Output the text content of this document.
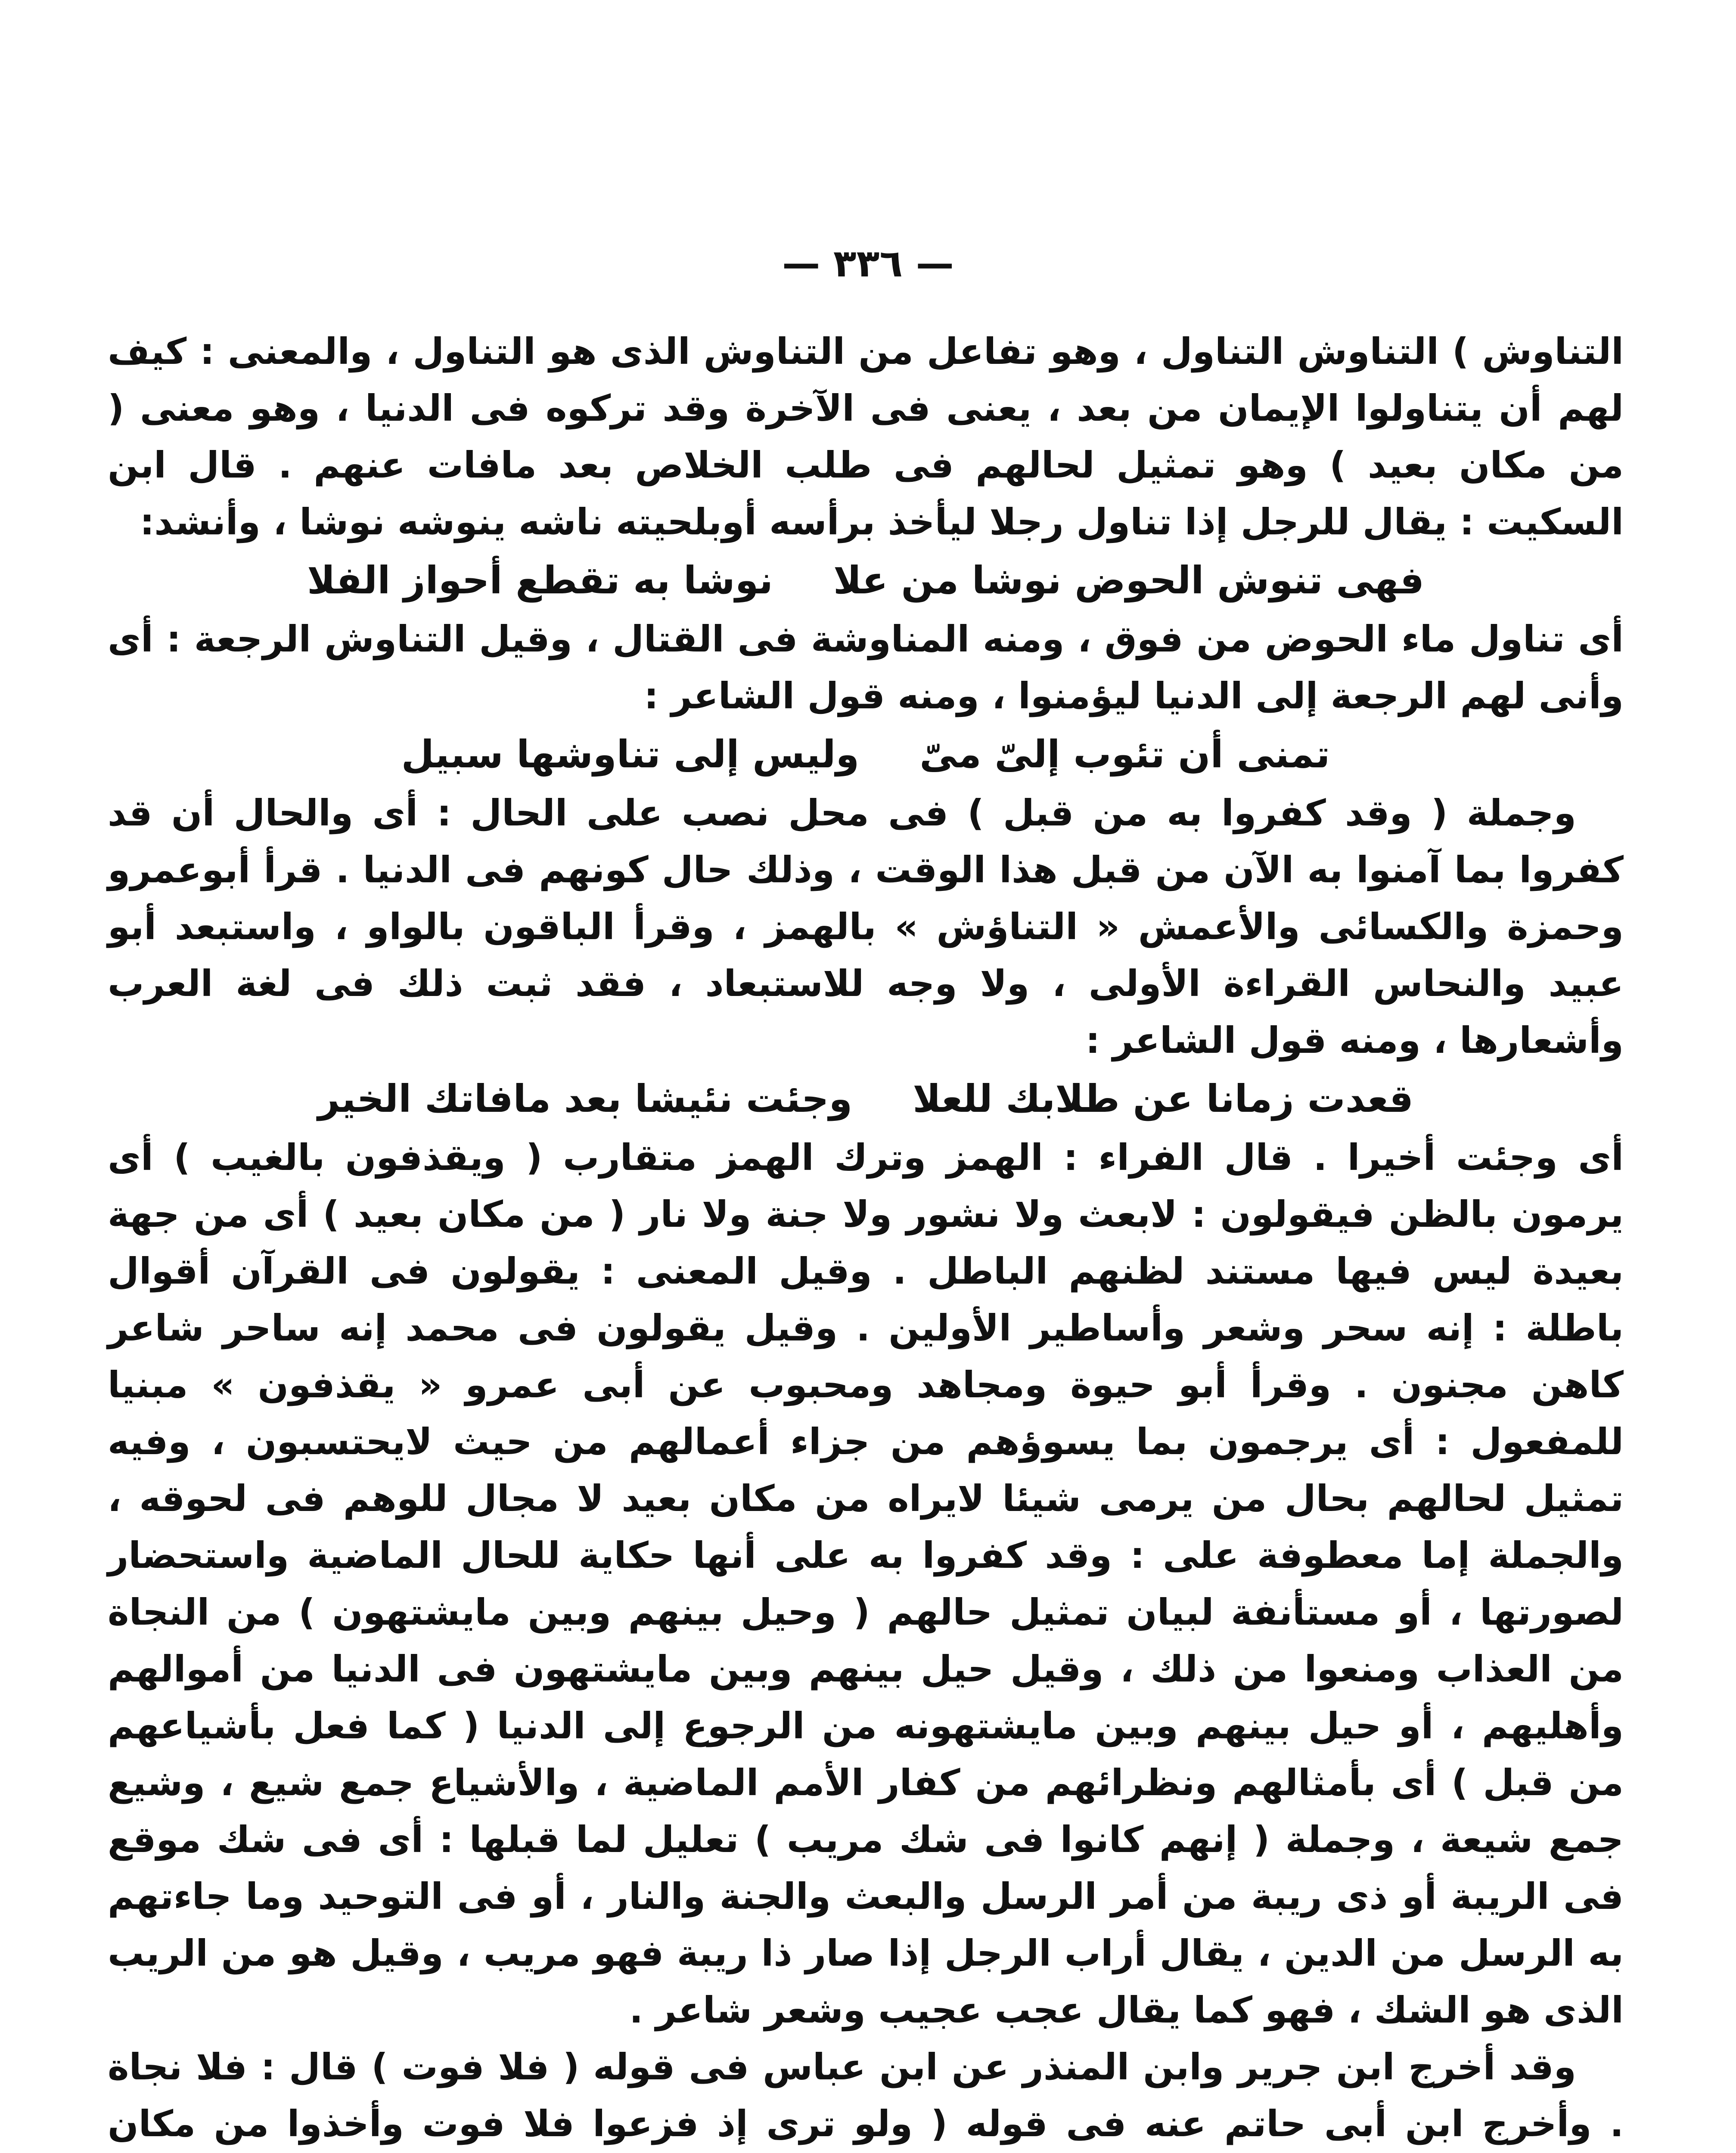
— ٣٣٦ —

التناوش ) التناوش التناول ، وهو تفاعل من التناوش الذى هو التناول ، والمعنى : كيف لهم أن يتناولوا الإيمان من بعد ، يعنى فى الآخرة وقد تركوه فى الدنيا ، وهو معنى ( من مكان بعيد ) وهو تمثيل لحالهم فى طلب الخلاص بعد مافات عنهم . قال ابن السكيت : يقال للرجل إذا تناول رجلا ليأخذ برأسه أوبلحيته ناشه ينوشه نوشا ، وأنشد:

فهى تنوش الحوض نوشا من علا
نوشا به تقطع أحواز الفلا

أى تناول ماء الحوض من فوق ، ومنه المناوشة فى القتال ، وقيل التناوش الرجعة : أى وأنى لهم الرجعة إلى الدنيا ليؤمنوا ، ومنه قول الشاعر :

تمنى أن تئوب إلىّ مىّ
وليس إلى تناوشها سبيل

وجملة ( وقد كفروا به من قبل ) فى محل نصب على الحال : أى والحال أن قد كفروا بما آمنوا به الآن من قبل هذا الوقت ، وذلك حال كونهم فى الدنيا . قرأ أبوعمرو وحمزة والكسائى والأعمش « التناؤش » بالهمز ، وقرأ الباقون بالواو ، واستبعد أبو عبيد والنحاس القراءة الأولى ، ولا وجه للاستبعاد ، فقد ثبت ذلك فى لغة العرب وأشعارها ، ومنه قول الشاعر :

قعدت زمانا عن طلابك للعلا
وجئت نئيشا بعد مافاتك الخير

أى وجئت أخيرا . قال الفراء : الهمز وترك الهمز متقارب ( ويقذفون بالغيب ) أى يرمون بالظن فيقولون : لابعث ولا نشور ولا جنة ولا نار ( من مكان بعيد ) أى من جهة بعيدة ليس فيها مستند لظنهم الباطل . وقيل المعنى : يقولون فى القرآن أقوال باطلة : إنه سحر وشعر وأساطير الأولين . وقيل يقولون فى محمد إنه ساحر شاعر كاهن مجنون . وقرأ أبو حيوة ومجاهد ومحبوب عن أبى عمرو « يقذفون » مبنيا للمفعول : أى يرجمون بما يسوؤهم من جزاء أعمالهم من حيث لايحتسبون ، وفيه تمثيل لحالهم بحال من يرمى شيئا لايراه من مكان بعيد لا مجال للوهم فى لحوقه ، والجملة إما معطوفة على : وقد كفروا به على أنها حكاية للحال الماضية واستحضار لصورتها ، أو مستأنفة لبيان تمثيل حالهم ( وحيل بينهم وبين مايشتهون ) من النجاة من العذاب ومنعوا من ذلك ، وقيل حيل بينهم وبين مايشتهون فى الدنيا من أموالهم وأهليهم ، أو حيل بينهم وبين مايشتهونه من الرجوع إلى الدنيا ( كما فعل بأشياعهم من قبل ) أى بأمثالهم ونظرائهم من كفار الأمم الماضية ، والأشياع جمع شيع ، وشيع جمع شيعة ، وجملة ( إنهم كانوا فى شك مريب ) تعليل لما قبلها : أى فى شك موقع فى الريبة أو ذى ريبة من أمر الرسل والبعث والجنة والنار ، أو فى التوحيد وما جاءتهم به الرسل من الدين ، يقال أراب الرجل إذا صار ذا ريبة فهو مريب ، وقيل هو من الريب الذى هو الشك ، فهو كما يقال عجب عجيب وشعر شاعر .

وقد أخرج ابن جرير وابن المنذر عن ابن عباس فى قوله ( فلا فوت ) قال : فلا نجاة . وأخرج ابن أبى حاتم عنه فى قوله ( ولو ترى إذ فزعوا فلا فوت وأخذوا من مكان
